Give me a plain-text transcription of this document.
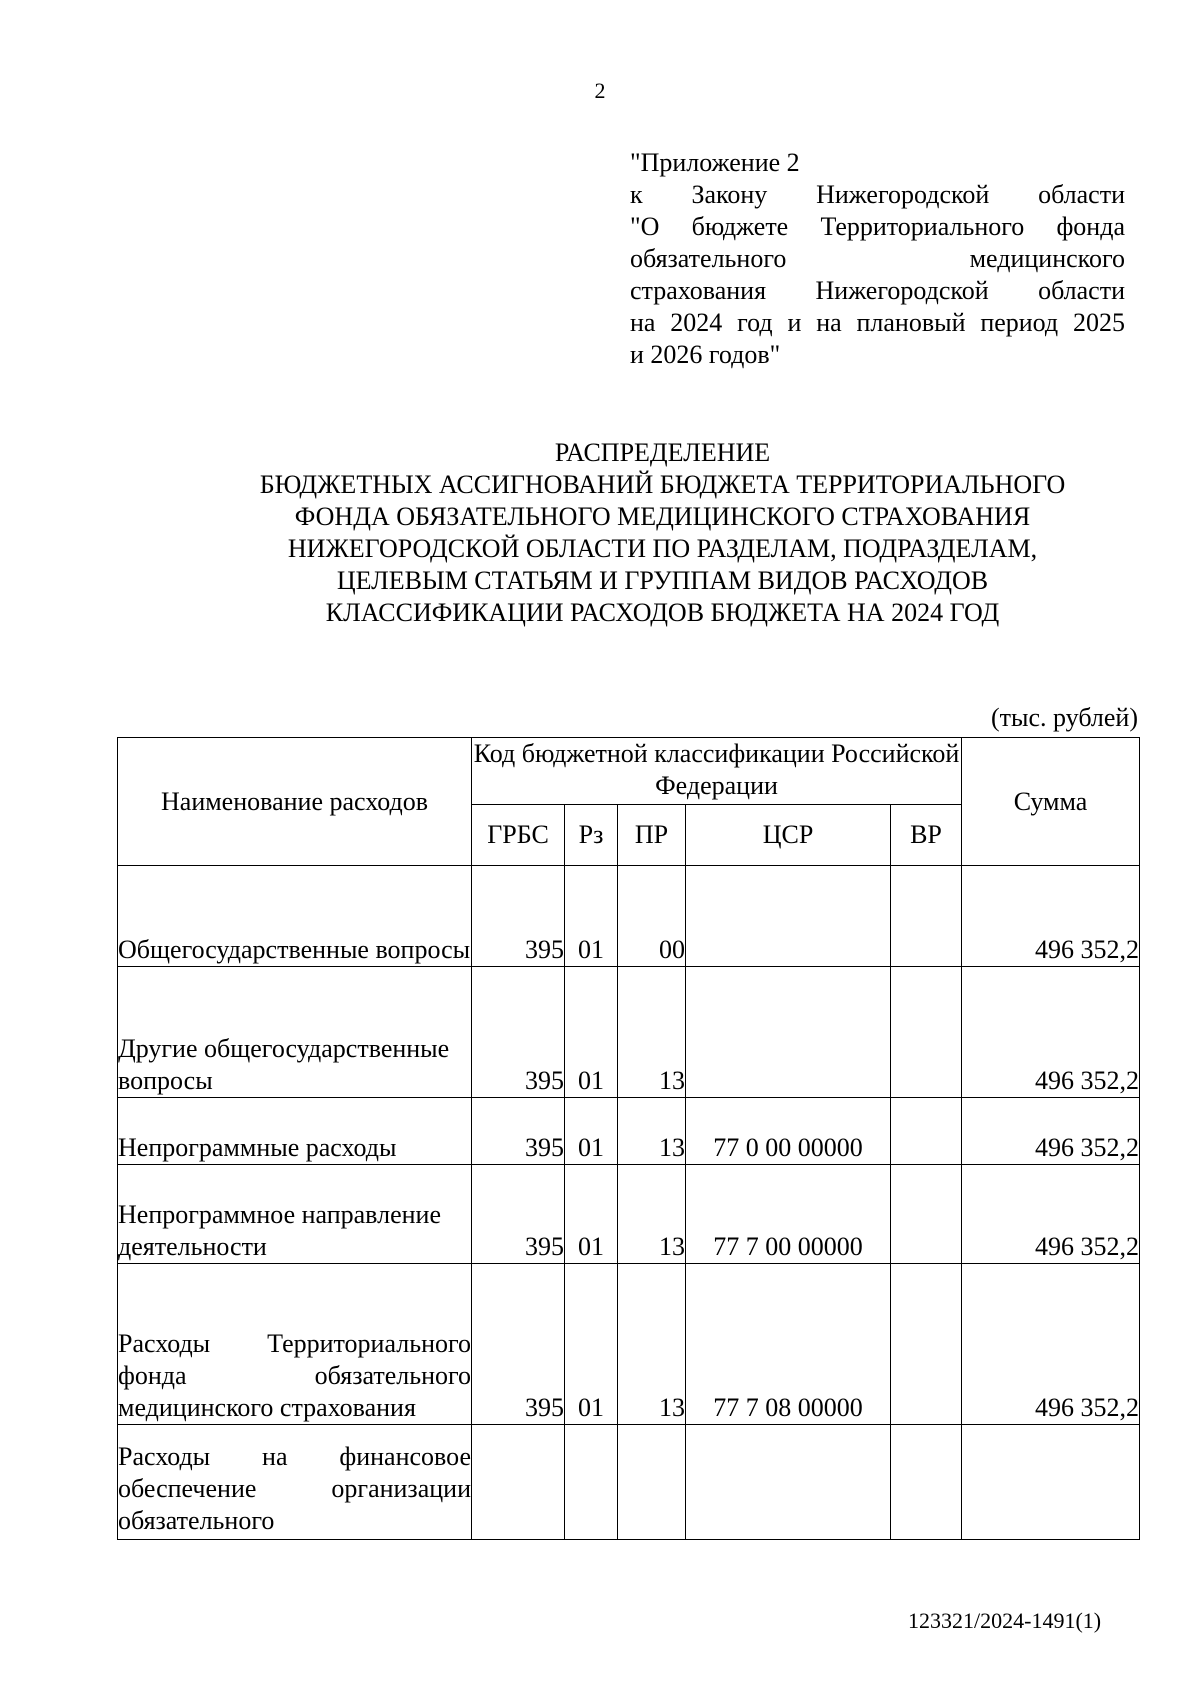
2
"Приложение 2
к Закону Нижегородской области
"О бюджете Территориального фонда
обязательного медицинского
страхования Нижегородской области
на 2024 год и на плановый период 2025
и 2026 годов"
РАСПРЕДЕЛЕНИЕ
БЮДЖЕТНЫХ АССИГНОВАНИЙ БЮДЖЕТА ТЕРРИТОРИАЛЬНОГО
ФОНДА ОБЯЗАТЕЛЬНОГО МЕДИЦИНСКОГО СТРАХОВАНИЯ
НИЖЕГОРОДСКОЙ ОБЛАСТИ ПО РАЗДЕЛАМ, ПОДРАЗДЕЛАМ,
ЦЕЛЕВЫМ СТАТЬЯМ И ГРУППАМ ВИДОВ РАСХОДОВ
КЛАССИФИКАЦИИ РАСХОДОВ БЮДЖЕТА НА 2024 ГОД
(тыс. рублей)
Наименование расходов	Код бюджетной классификации Российской Федерации					Сумма
	ГРБС	Рз	ПР	ЦСР	ВР	
Общегосударственные вопросы	395	01	00			496 352,2
Другие общегосударственные вопросы	395	01	13			496 352,2
Непрограммные расходы	395	01	13	77 0 00 00000		496 352,2
Непрограммное направление деятельности	395	01	13	77 7 00 00000		496 352,2
Расходы Территориального фонда обязательного медицинского страхования	395	01	13	77 7 08 00000		496 352,2
Расходы на финансовое обеспечение организации обязательного						
123321/2024-1491(1)
